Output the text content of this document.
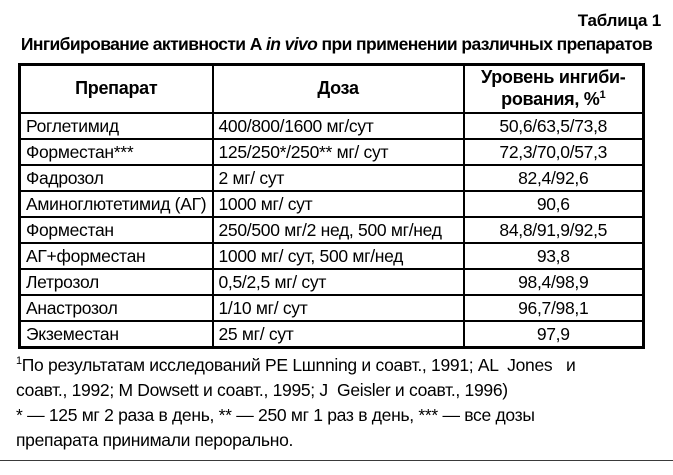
Таблица 1
Ингибирование активности А in vivo при применении различных препаратов
Препарат	Доза	Уровень ингиби-
рования, %$^1$
Роглетимид	400/800/1600 мг/сут	50,6/63,5/73,8
Форместан***	125/250*/250** мг/ сут	72,3/70,0/57,3
Фадрозол	2 мг/ сут	82,4/92,6
Аминоглютетимид (АГ)	1000 мг/ сут	90,6
Форместан	250/500 мг/2 нед, 500 мг/нед	84,8/91,9/92,5
АГ+форместан	1000 мг/ сут, 500 мг/нед	93,8
Летрозол	0,5/2,5 мг/ сут	98,4/98,9
Анастрозол	1/10 мг/ сут	96,7/98,1
Экземестан	25 мг/ сут	97,9
$^1$По результатам исследований PE Lшnning и соавт., 1991; AL  Jones   и
соавт., 1992; M Dowsett и соавт., 1995; J  Geisler и соавт., 1996)
* — 125 мг 2 раза в день, ** — 250 мг 1 раз в день, *** — все дозы
препарата принимали перорально.
